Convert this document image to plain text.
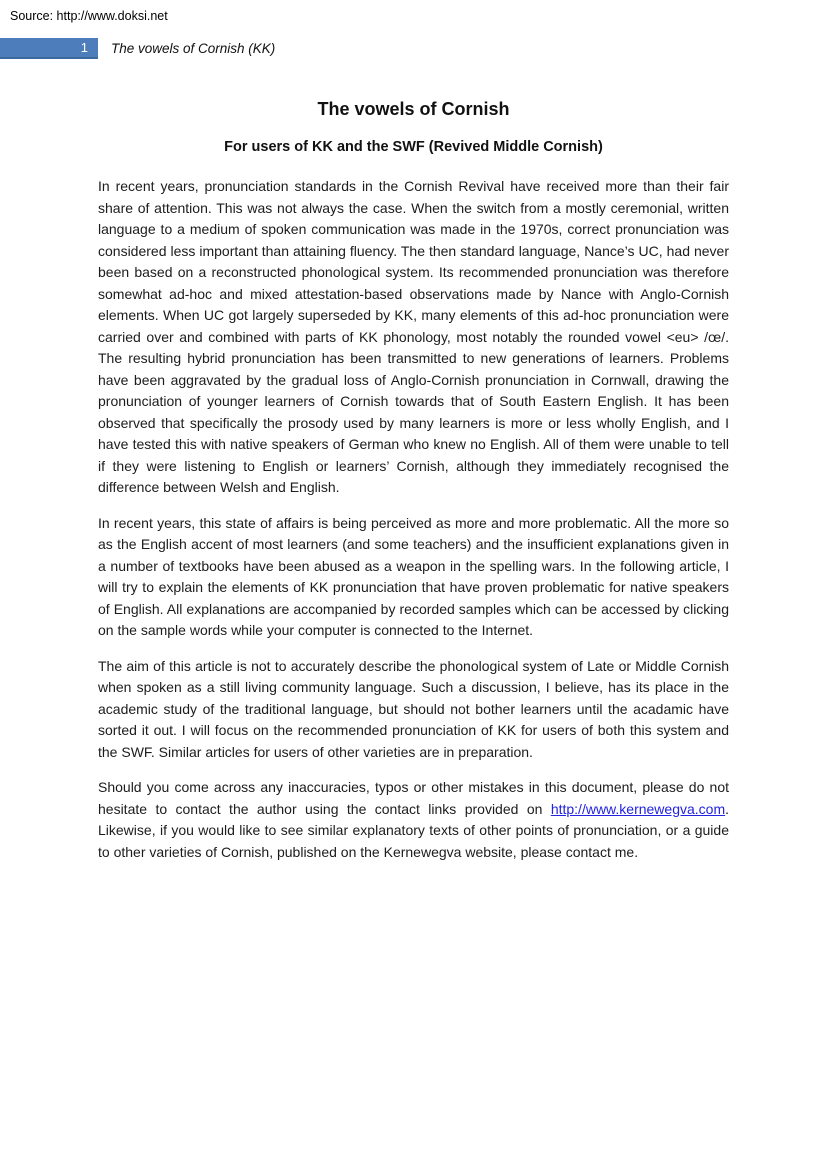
Source: http://www.doksi.net
1 The vowels of Cornish (KK)
The vowels of Cornish
For users of KK and the SWF (Revived Middle Cornish)

In recent years, pronunciation standards in the Cornish Revival have received more than their fair share of attention. This was not always the case. When the switch from a mostly ceremonial, written language to a medium of spoken communication was made in the 1970s, correct pronunciation was considered less important than attaining fluency. The then standard language, Nance’s UC, had never been based on a reconstructed phonological system. Its recommended pronunciation was therefore somewhat ad-hoc and mixed attestation-based observations made by Nance with Anglo-Cornish elements. When UC got largely superseded by KK, many elements of this ad-hoc pronunciation were carried over and combined with parts of KK phonology, most notably the rounded vowel <eu> /œ/. The resulting hybrid pronunciation has been transmitted to new generations of learners. Problems have been aggravated by the gradual loss of Anglo-Cornish pronunciation in Cornwall, drawing the pronunciation of younger learners of Cornish towards that of South Eastern English. It has been observed that specifically the prosody used by many learners is more or less wholly English, and I have tested this with native speakers of German who knew no English. All of them were unable to tell if they were listening to English or learners’ Cornish, although they immediately recognised the difference between Welsh and English.

In recent years, this state of affairs is being perceived as more and more problematic. All the more so as the English accent of most learners (and some teachers) and the insufficient explanations given in a number of textbooks have been abused as a weapon in the spelling wars. In the following article, I will try to explain the elements of KK pronunciation that have proven problematic for native speakers of English. All explanations are accompanied by recorded samples which can be accessed by clicking on the sample words while your computer is connected to the Internet.

The aim of this article is not to accurately describe the phonological system of Late or Middle Cornish when spoken as a still living community language. Such a discussion, I believe, has its place in the academic study of the traditional language, but should not bother learners until the acadamic have sorted it out. I will focus on the recommended pronunciation of KK for users of both this system and the SWF. Similar articles for users of other varieties are in preparation.

Should you come across any inaccuracies, typos or other mistakes in this document, please do not hesitate to contact the author using the contact links provided on http://www.kernewegva.com. Likewise, if you would like to see similar explanatory texts of other points of pronunciation, or a guide to other varieties of Cornish, published on the Kernewegva website, please contact me.
